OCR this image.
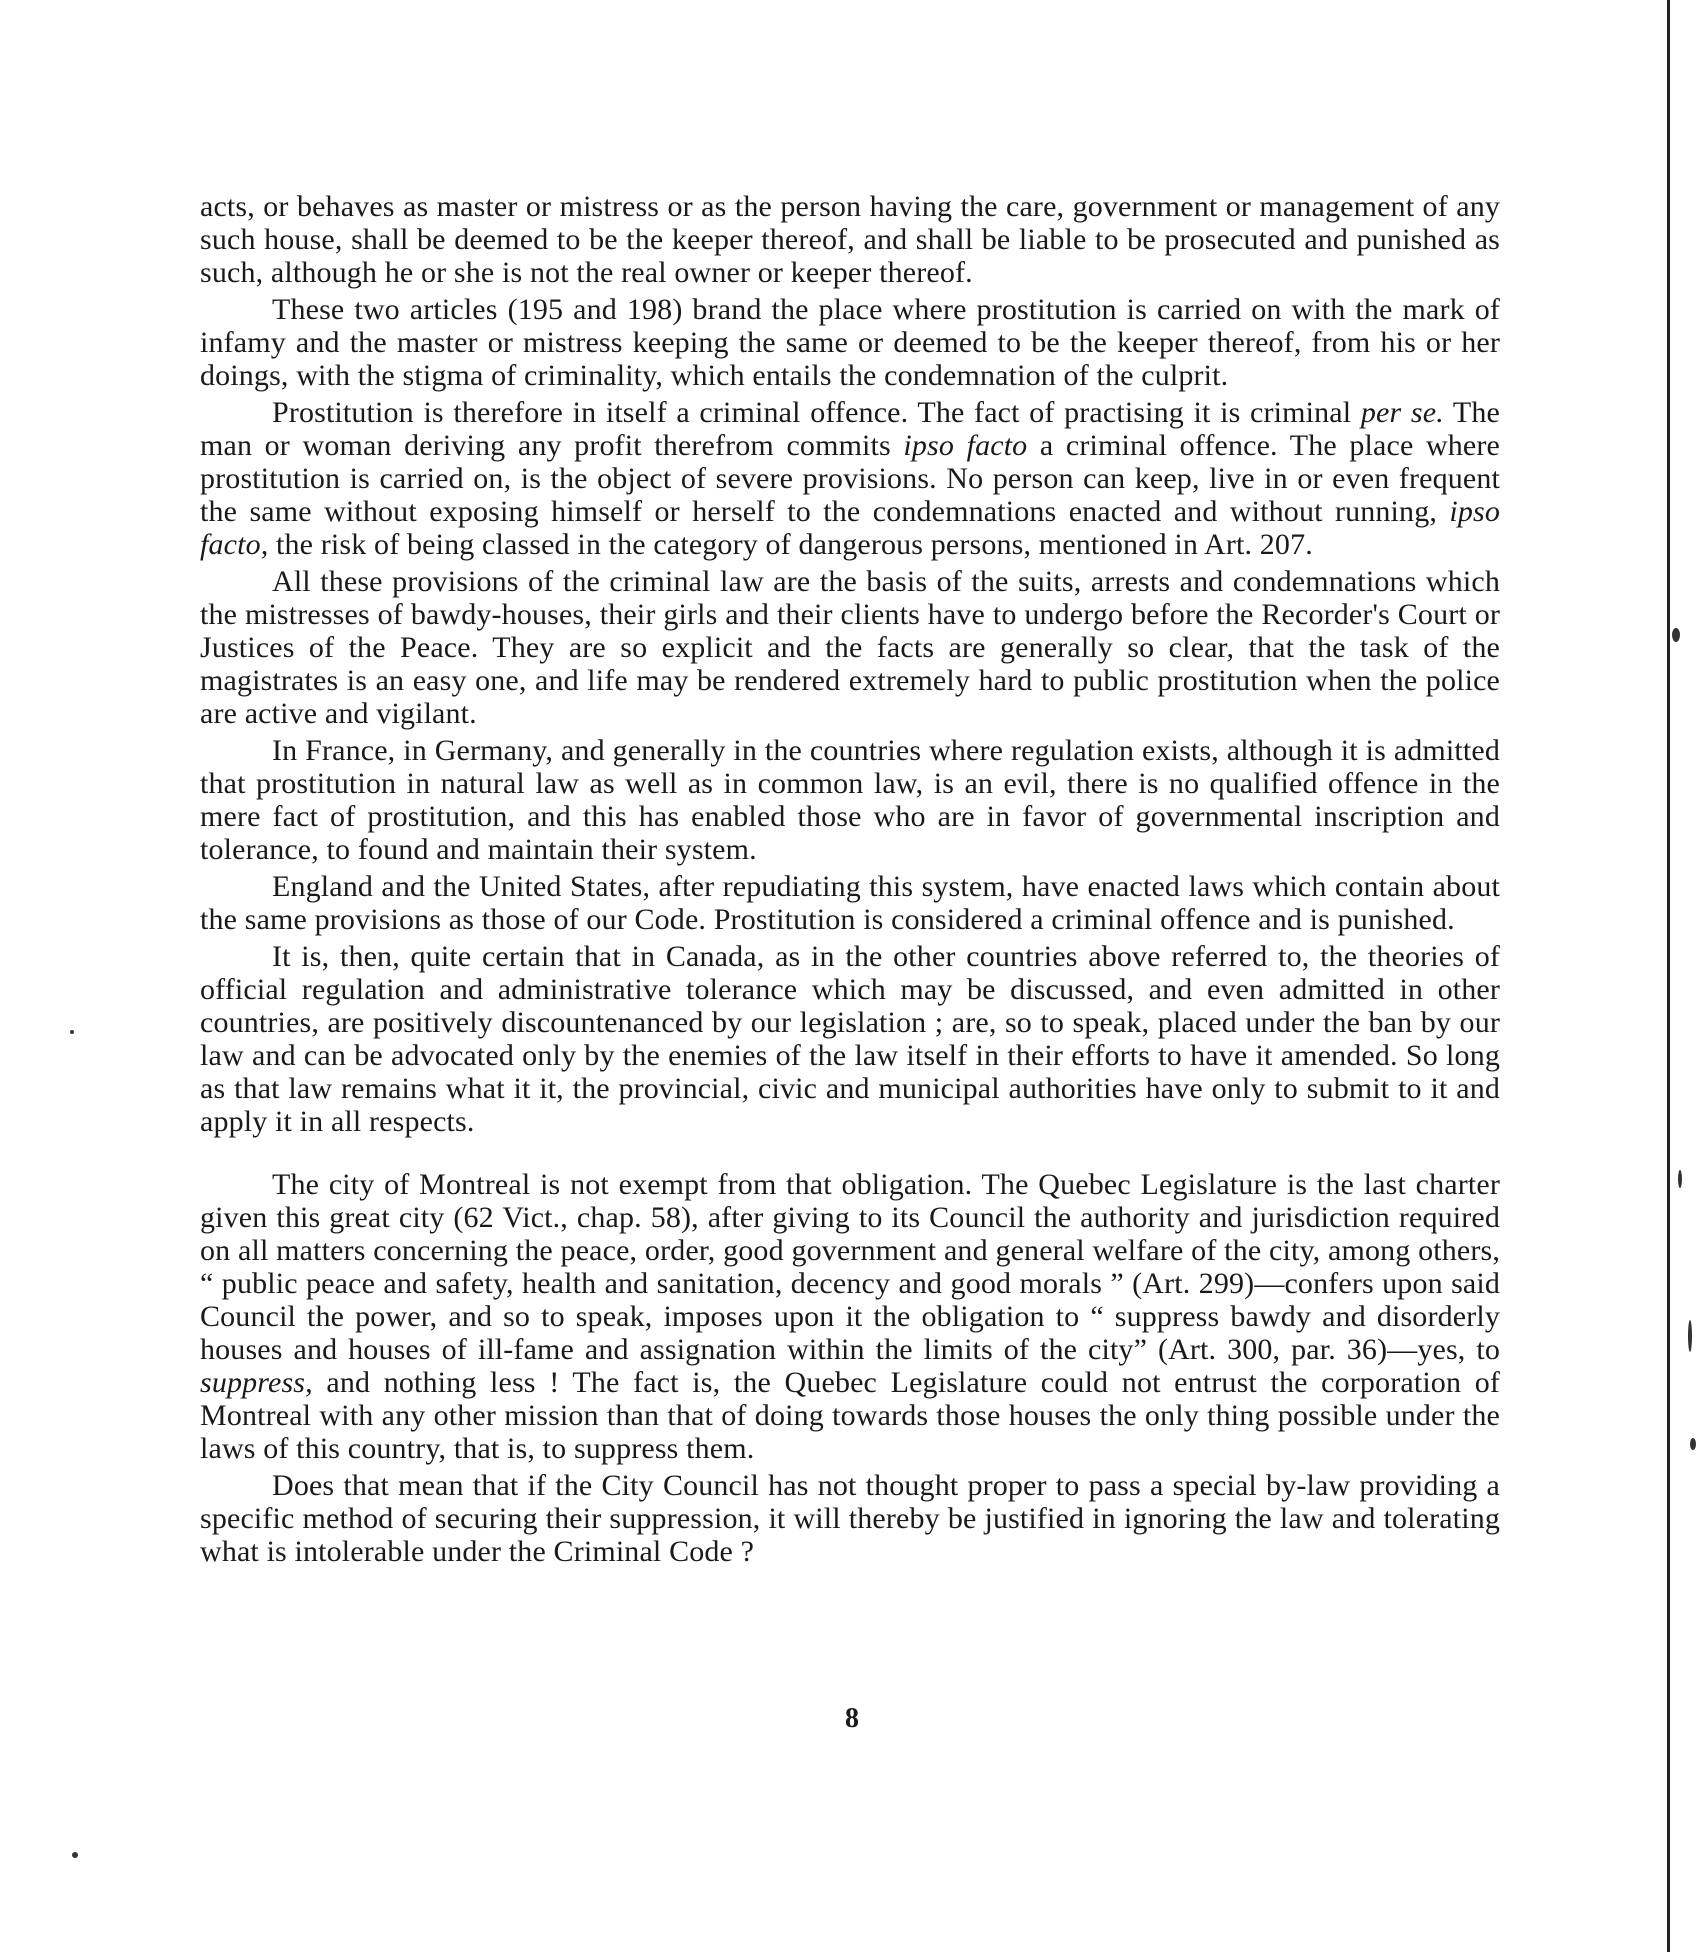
acts, or behaves as master or mistress or as the person having the care, government or management of any such house, shall be deemed to be the keeper thereof, and shall be liable to be prosecuted and punished as such, although he or she is not the real owner or keeper thereof.

These two articles (195 and 198) brand the place where prostitution is carried on with the mark of infamy and the master or mistress keeping the same or deemed to be the keeper thereof, from his or her doings, with the stigma of criminality, which entails the condemnation of the culprit.

Prostitution is therefore in itself a criminal offence. The fact of practising it is criminal per se. The man or woman deriving any profit therefrom commits ipso facto a criminal offence. The place where prostitution is carried on, is the object of severe provisions. No person can keep, live in or even frequent the same without exposing himself or herself to the condemnations enacted and without running, ipso facto, the risk of being classed in the category of dangerous persons, mentioned in Art. 207.

All these provisions of the criminal law are the basis of the suits, arrests and condemnations which the mistresses of bawdy-houses, their girls and their clients have to undergo before the Recorder's Court or Justices of the Peace. They are so explicit and the facts are generally so clear, that the task of the magistrates is an easy one, and life may be rendered extremely hard to public prostitution when the police are active and vigilant.

In France, in Germany, and generally in the countries where regulation exists, although it is admitted that prostitution in natural law as well as in common law, is an evil, there is no qualified offence in the mere fact of prostitution, and this has enabled those who are in favor of governmental inscription and tolerance, to found and maintain their system.

England and the United States, after repudiating this system, have enacted laws which contain about the same provisions as those of our Code. Prostitution is considered a criminal offence and is punished.

It is, then, quite certain that in Canada, as in the other countries above referred to, the theories of official regulation and administrative tolerance which may be discussed, and even admitted in other countries, are positively discountenanced by our legislation ; are, so to speak, placed under the ban by our law and can be advocated only by the enemies of the law itself in their efforts to have it amended. So long as that law remains what it it, the provincial, civic and municipal authorities have only to submit to it and apply it in all respects.

The city of Montreal is not exempt from that obligation. The Quebec Legislature is the last charter given this great city (62 Vict., chap. 58), after giving to its Council the authority and jurisdiction required on all matters concerning the peace, order, good government and general welfare of the city, among others, “ public peace and safety, health and sanitation, decency and good morals ” (Art. 299)—confers upon said Council the power, and so to speak, imposes upon it the obligation to “ suppress bawdy and disorderly houses and houses of ill-fame and assignation within the limits of the city” (Art. 300, par. 36)—yes, to suppress, and nothing less ! The fact is, the Quebec Legislature could not entrust the corporation of Montreal with any other mission than that of doing towards those houses the only thing possible under the laws of this country, that is, to suppress them.

Does that mean that if the City Council has not thought proper to pass a special by-law providing a specific method of securing their suppression, it will thereby be justified in ignoring the law and tolerating what is intolerable under the Criminal Code ?

8
